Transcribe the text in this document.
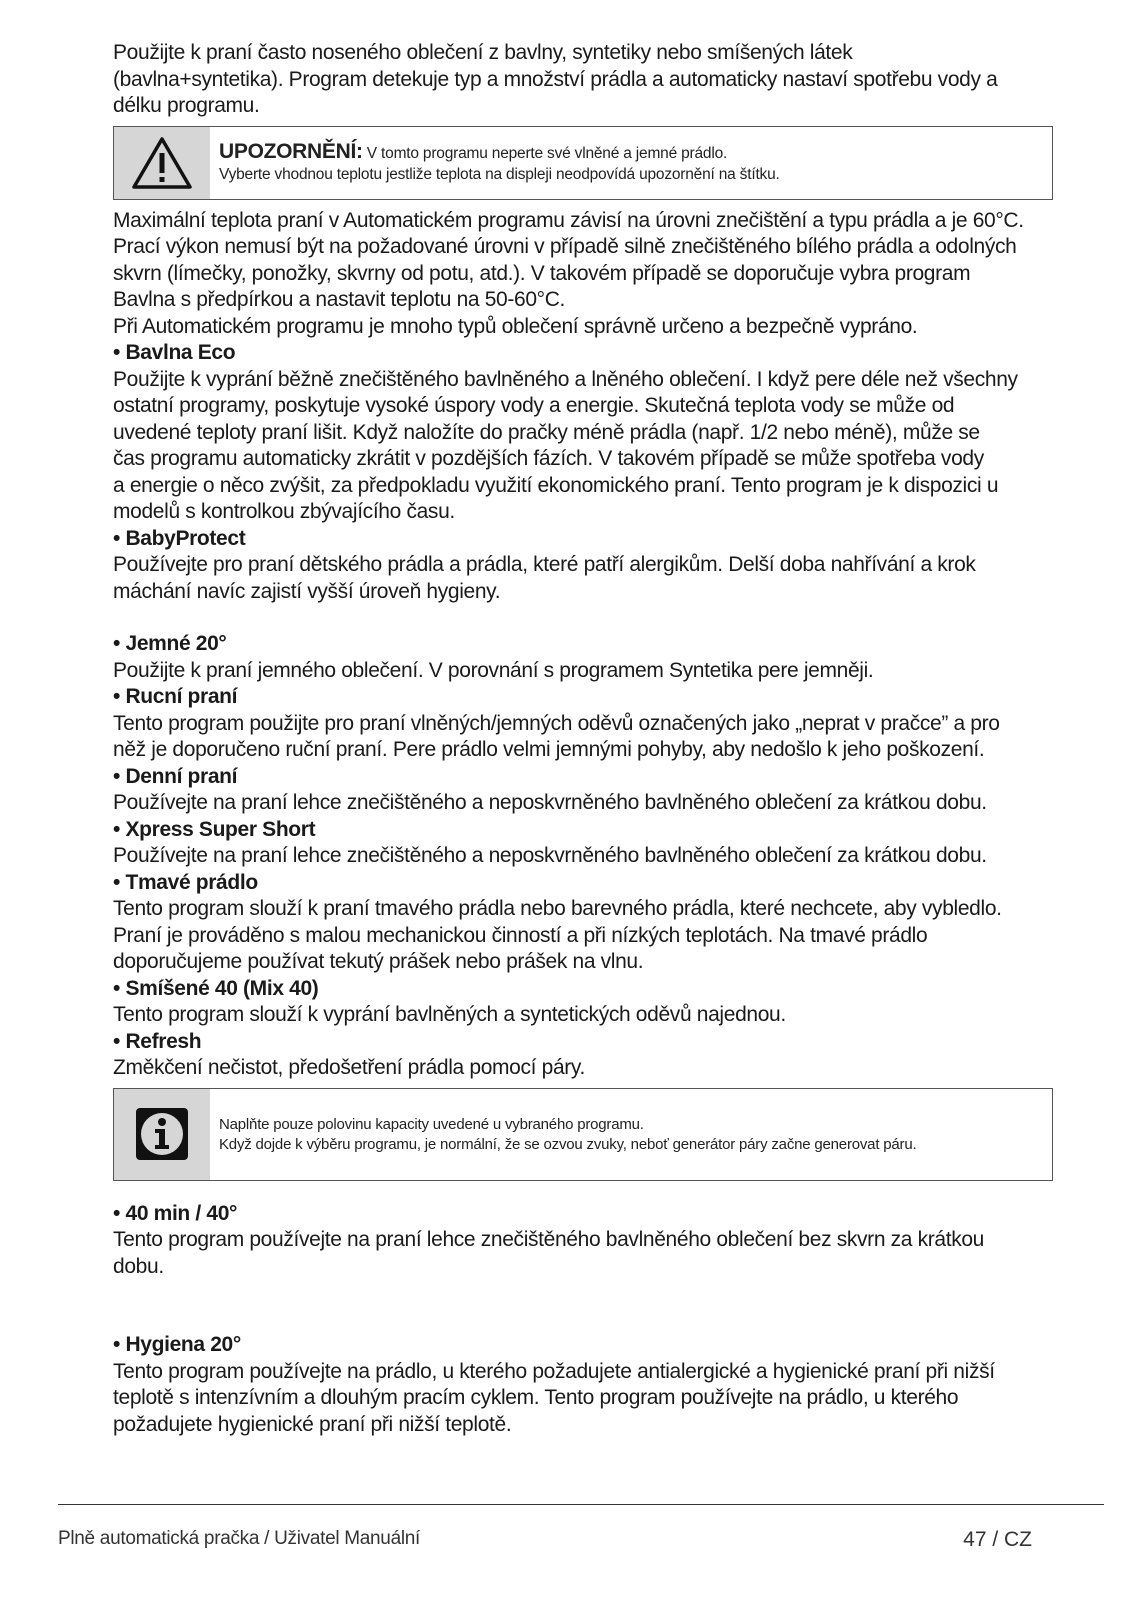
Použijte k praní často noseného oblečení z bavlny, syntetiky nebo smíšených látek

(bavlna+syntetika). Program detekuje typ a množství prádla a automaticky nastaví spotřebu vody a

délku programu.

UPOZORNĚNÍ: V tomto programu neperte své vlněné a jemné prádlo.
Vyberte vhodnou teplotu jestliže teplota na displeji neodpovídá upozornění na štítku.

Maximální teplota praní v Automatickém programu závisí na úrovni znečištění a typu prádla a je 60°C.

Prací výkon nemusí být na požadované úrovni v případě silně znečištěného bílého prádla a odolných

skvrn (límečky, ponožky, skvrny od potu, atd.). V takovém případě se doporučuje vybra program

Bavlna s předpírkou a nastavit teplotu na 50-60°C.

Při Automatickém programu je mnoho typů oblečení správně určeno a bezpečně vypráno.

• Bavlna Eco

Použijte k vyprání běžně znečištěného bavlněného a lněného oblečení. I když pere déle než všechny

ostatní programy, poskytuje vysoké úspory vody a energie. Skutečná teplota vody se může od

uvedené teploty praní lišit. Když naložíte do pračky méně prádla (např. 1/2 nebo méně), může se

čas programu automaticky zkrátit v pozdějších fázích. V takovém případě se může spotřeba vody

a energie o něco zvýšit, za předpokladu využití ekonomického praní. Tento program je k dispozici u

modelů s kontrolkou zbývajícího času.

• BabyProtect

Používejte pro praní dětského prádla a prádla, které patří alergikům. Delší doba nahřívání a krok

máchání navíc zajistí vyšší úroveň hygieny.

• Jemné 20°

Použijte k praní jemného oblečení. V porovnání s programem Syntetika pere jemněji.

• Rucní praní

Tento program použijte pro praní vlněných/jemných oděvů označených jako „neprat v pračce” a pro

něž je doporučeno ruční praní. Pere prádlo velmi jemnými pohyby, aby nedošlo k jeho poškození.

• Denní praní

Používejte na praní lehce znečištěného a neposkvrněného bavlněného oblečení za krátkou dobu.

• Xpress Super Short

Používejte na praní lehce znečištěného a neposkvrněného bavlněného oblečení za krátkou dobu.

• Tmavé prádlo

Tento program slouží k praní tmavého prádla nebo barevného prádla, které nechcete, aby vybledlo.

Praní je prováděno s malou mechanickou činností a při nízkých teplotách. Na tmavé prádlo

doporučujeme používat tekutý prášek nebo prášek na vlnu.

• Smíšené 40 (Mix 40)

Tento program slouží k vyprání bavlněných a syntetických oděvů najednou.

• Refresh

Změkčení nečistot, předošetření prádla pomocí páry.

Naplňte pouze polovinu kapacity uvedené u vybraného programu.
Když dojde k výběru programu, je normální, že se ozvou zvuky, neboť generátor páry začne generovat páru.

• 40 min / 40°

Tento program používejte na praní lehce znečištěného bavlněného oblečení bez skvrn za krátkou

dobu.

• Hygiena 20°

Tento program používejte na prádlo, u kterého požadujete antialergické a hygienické praní při nižší

teplotě s intenzívním a dlouhým pracím cyklem. Tento program používejte na prádlo, u kterého

požadujete hygienické praní při nižší teplotě.

Plně automatická pračka / Uživatel Manuální	47 / CZ
